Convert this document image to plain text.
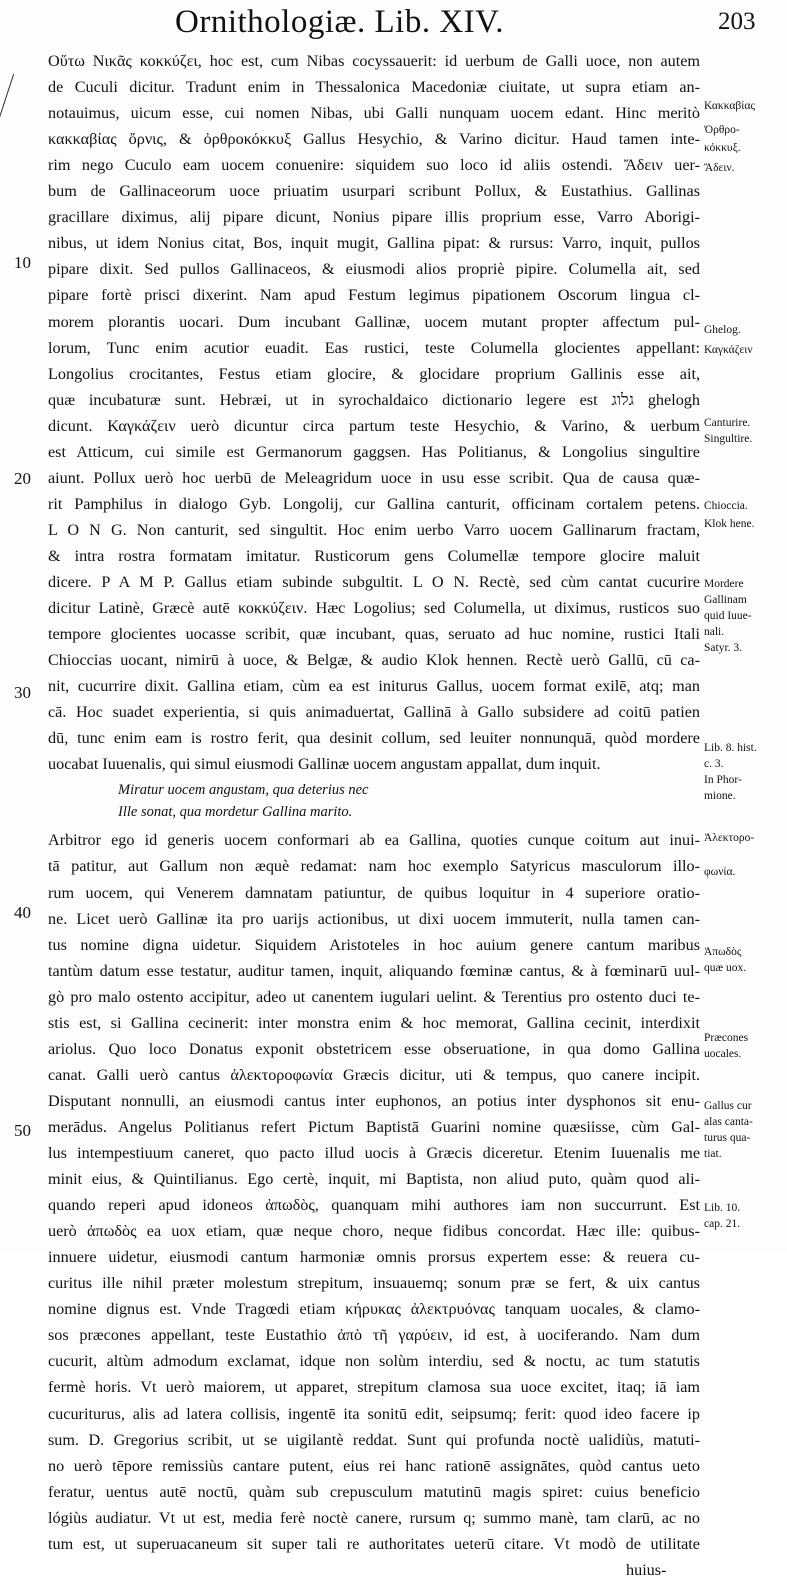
Ornithologiæ. Lib. XIV.	203
Oὕτω Νικᾶς κοκκύζει, hoc est, cum Nibas cocyssauerit: id uerbum de Galli uoce, non autem
de Cuculi dicitur. Tradunt enim in Thessalonica Macedoniæ ciuitate, ut supra etiam an-
notauimus, uicum esse, cui nomen Nibas, ubi Galli nunquam uocem edant. Hinc meritò
κακκαβίας ὄρνις, & ὀρθροκόκκυξ Gallus Hesychio, & Varino dicitur. Haud tamen inte-
rim nego Cuculo eam uocem conuenire: siquidem suo loco id aliis ostendi. Ἄδειν uer-
bum de Gallinaceorum uoce priuatim usurpari scribunt Pollux, & Eustathius. Gallinas
gracillare diximus, alij pipare dicunt, Nonius pipare illis proprium esse, Varro Aborigi-
nibus, ut idem Nonius citat, Bos, inquit mugit, Gallina pipat: & rursus: Varro, inquit, pullos
pipare dixit. Sed pullos Gallinaceos, & eiusmodi alios propriè pipire. Columella ait, sed
pipare fortè prisci dixerint. Nam apud Festum legimus pipationem Oscorum lingua cl-
morem plorantis uocari. Dum incubant Gallinæ, uocem mutant propter affectum pul-
lorum, Tunc enim acutior euadit. Eas rustici, teste Columella glocientes appellant:
Longolius crocitantes, Festus etiam glocire, & glocidare proprium Gallinis esse ait,
quæ incubaturæ sunt. Hebræi, ut in syrochaldaico dictionario legere est גלוג ghelogh
dicunt. Καγκάζειν uerò dicuntur circa partum teste Hesychio, & Varino, & uerbum
est Atticum, cui simile est Germanorum gaggsen. Has Politianus, & Longolius singultire
aiunt. Pollux uerò hoc uerbū de Meleagridum uoce in usu esse scribit. Qua de causa quæ-
rit Pamphilus in dialogo Gyb. Longolij, cur Gallina canturit, officinam cortalem petens.
L O N G. Non canturit, sed singultit. Hoc enim uerbo Varro uocem Gallinarum fractam,
& intra rostra formatam imitatur. Rusticorum gens Columellæ tempore glocire maluit
dicere. P A M P. Gallus etiam subinde subgultit. L O N. Rectè, sed cùm cantat cucurire
dicitur Latinè, Græcè autē κοκκύζειν. Hæc Logolius; sed Columella, ut diximus, rusticos suo
tempore glocientes uocasse scribit, quæ incubant, quas, seruato ad huc nomine, rustici Itali
Chioccias uocant, nimirū à uoce, & Belgæ, & audio Klok hennen. Rectè uerò Gallū, cū ca-
nit, cucurrire dixit. Gallina etiam, cùm ea est initurus Gallus, uocem format exilē, atq; man
cā. Hoc suadet experientia, si quis animaduertat, Gallinā à Gallo subsidere ad coitū patien
dū, tunc enim eam is rostro ferit, qua desinit collum, sed leuiter nonnunquā, quòd mordere
uocabat Iuuenalis, qui simul eiusmodi Gallinæ uocem angustam appallat, dum inquit.
Miratur uocem angustam, qua deterius nec
Ille sonat, qua mordetur Gallina marito.
Arbitror ego id generis uocem conformari ab ea Gallina, quoties cunque coitum aut inui-
tā patitur, aut Gallum non æquè redamat: nam hoc exemplo Satyricus masculorum illo-
rum uocem, qui Venerem damnatam patiuntur, de quibus loquitur in 4 superiore oratio-
ne. Licet uerò Gallinæ ita pro uarijs actionibus, ut dixi uocem immuterit, nulla tamen can-
tus nomine digna uidetur. Siquidem Aristoteles in hoc auium genere cantum maribus
tantùm datum esse testatur, auditur tamen, inquit, aliquando fœminæ cantus, & à fœminarū uul-
gò pro malo ostento accipitur, adeo ut canentem iugulari uelint. & Terentius pro ostento duci te-
stis est, si Gallina cecinerit: inter monstra enim & hoc memorat, Gallina cecinit, interdixit
ariolus. Quo loco Donatus exponit obstetricem esse obseruatione, in qua domo Gallina
canat. Galli uerò cantus ἀλεκτοροφωνία Græcis dicitur, uti & tempus, quo canere incipit.
Disputant nonnulli, an eiusmodi cantus inter euphonos, an potius inter dysphonos sit enu-
merādus. Angelus Politianus refert Pictum Baptistā Guarini nomine quæsiisse, cùm Gal-
lus intempestiuum caneret, quo pacto illud uocis à Græcis diceretur. Etenim Iuuenalis me
minit eius, & Quintilianus. Ego certè, inquit, mi Baptista, non aliud puto, quàm quod ali-
quando reperi apud idoneos ἀπωδὸς, quanquam mihi authores iam non succurrunt. Est
uerò ἀπωδὸς ea uox etiam, quæ neque choro, neque fidibus concordat. Hæc ille: quibus-
innuere uidetur, eiusmodi cantum harmoniæ omnis prorsus expertem esse: & reuera cu-
curitus ille nihil præter molestum strepitum, insuauemq; sonum præ se fert, & uix cantus
nomine dignus est. Vnde Tragœdi etiam κήρυκας ἀλεκτρυόνας tanquam uocales, & clamo-
sos præcones appellant, teste Eustathio ἀπὸ τῆ γαρύειν, id est, à uociferando. Nam dum
cucurit, altùm admodum exclamat, idque non solùm interdiu, sed & noctu, ac tum statutis
fermè horis. Vt uerò maiorem, ut apparet, strepitum clamosa sua uoce excitet, itaq; iā iam
cucuriturus, alis ad latera collisis, ingentē ita sonitū edit, seipsumq; ferit: quod ideo facere ip
sum. D. Gregorius scribit, ut se uigilantè reddat. Sunt qui profunda noctè ualidiùs, matuti-
no uerò tēpore remissiùs cantare putent, eius rei hanc rationē assignātes, quòd cantus ueto
feratur, uentus autē noctū, quàm sub crepusculum matutinū magis spiret: cuius beneficio
lógiùs audiatur. Vt ut est, media ferè noctè canere, rursum q; summo manè, tam clarū, ac no
tum est, ut superuacaneum sit super tali re authoritates ueterū citare. Vt modò de utilitate
huius-
10
20
30
40
50
Κακκαβίας
Ὀρθρο-
κόκκυξ.
Ἄδειν.
Ghelog.
Καγκάζειν
Canturire.
Singultire.
Chioccia.
Klok hene.
Mordere
Gallinam
quid Iuue-
nali.
Satyr. 3.
Lib. 8. hist.
c. 3.
In Phor-
mione.
Ἀλεκτορο-
φωνία.
Ἀπωδὸς
quæ uox.
Præcones
uocales.
Gallus cur
alas canta-
turus qua-
tiat.
Lib. 10.
cap. 21.
